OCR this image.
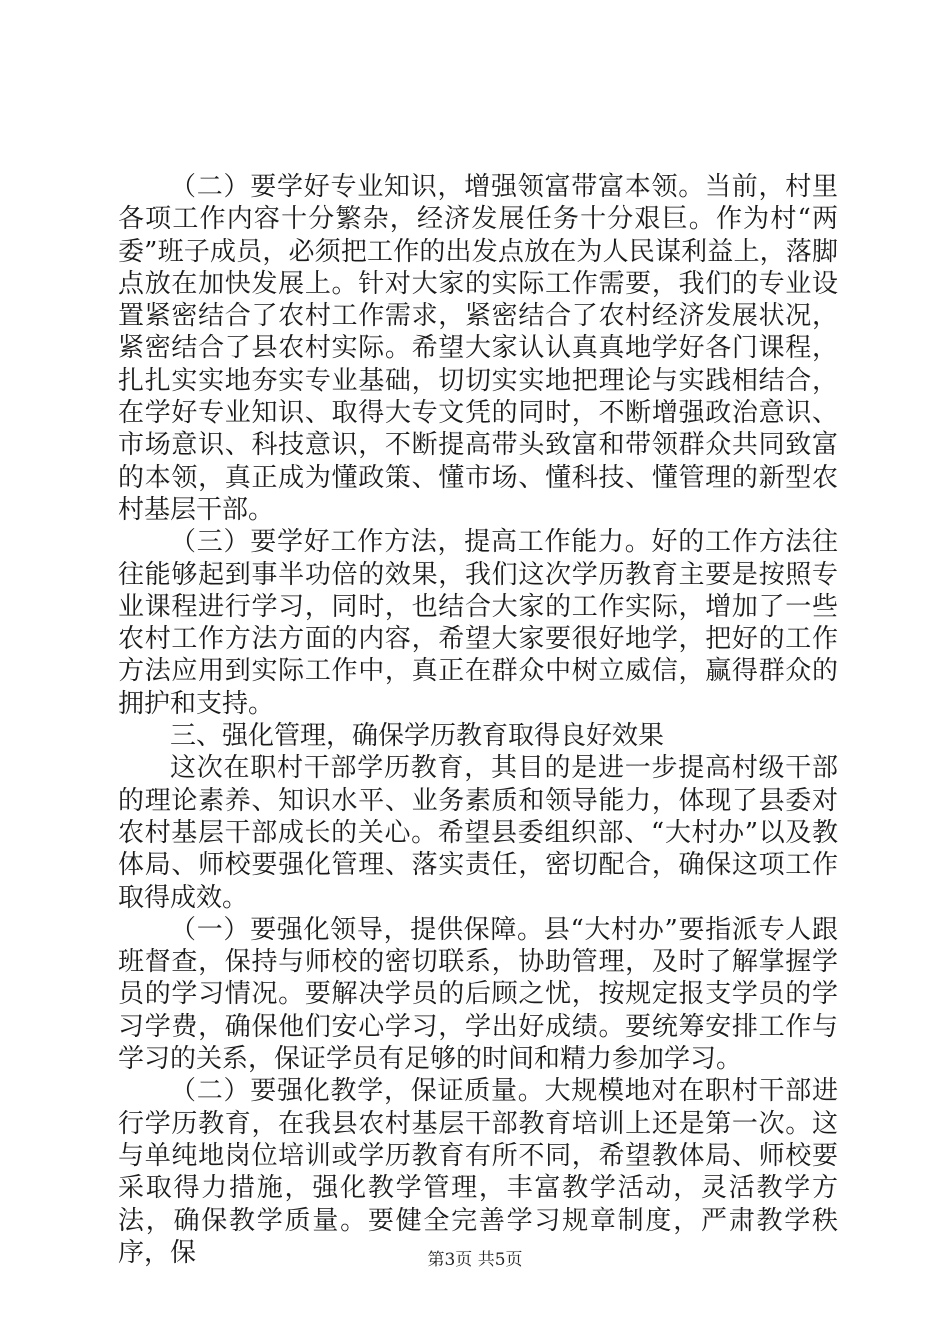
（二）要学好专业知识，增强领富带富本领。当前，村里各项工作内容十分繁杂，经济发展任务十分艰巨。作为村“两委”班子成员，必须把工作的出发点放在为人民谋利益上，落脚点放在加快发展上。针对大家的实际工作需要，我们的专业设置紧密结合了农村工作需求，紧密结合了农村经济发展状况，紧密结合了县农村实际。希望大家认认真真地学好各门课程，扎扎实实地夯实专业基础，切切实实地把理论与实践相结合，在学好专业知识、取得大专文凭的同时，不断增强政治意识、市场意识、科技意识，不断提高带头致富和带领群众共同致富的本领，真正成为懂政策、懂市场、懂科技、懂管理的新型农村基层干部。

（三）要学好工作方法，提高工作能力。好的工作方法往往能够起到事半功倍的效果，我们这次学历教育主要是按照专业课程进行学习，同时，也结合大家的工作实际，增加了一些农村工作方法方面的内容，希望大家要很好地学，把好的工作方法应用到实际工作中，真正在群众中树立威信，赢得群众的拥护和支持。

三、强化管理，确保学历教育取得良好效果

这次在职村干部学历教育，其目的是进一步提高村级干部的理论素养、知识水平、业务素质和领导能力，体现了县委对农村基层干部成长的关心。希望县委组织部、“大村办”以及教体局、师校要强化管理、落实责任，密切配合，确保这项工作取得成效。

（一）要强化领导，提供保障。县“大村办”要指派专人跟班督查，保持与师校的密切联系，协助管理，及时了解掌握学员的学习情况。要解决学员的后顾之忧，按规定报支学员的学习学费，确保他们安心学习，学出好成绩。要统筹安排工作与学习的关系，保证学员有足够的时间和精力参加学习。

（二）要强化教学，保证质量。大规模地对在职村干部进行学历教育，在我县农村基层干部教育培训上还是第一次。这与单纯地岗位培训或学历教育有所不同，希望教体局、师校要采取得力措施，强化教学管理，丰富教学活动，灵活教学方法，确保教学质量。要健全完善学习规章制度，严肃教学秩序，保	第3页 共5页
